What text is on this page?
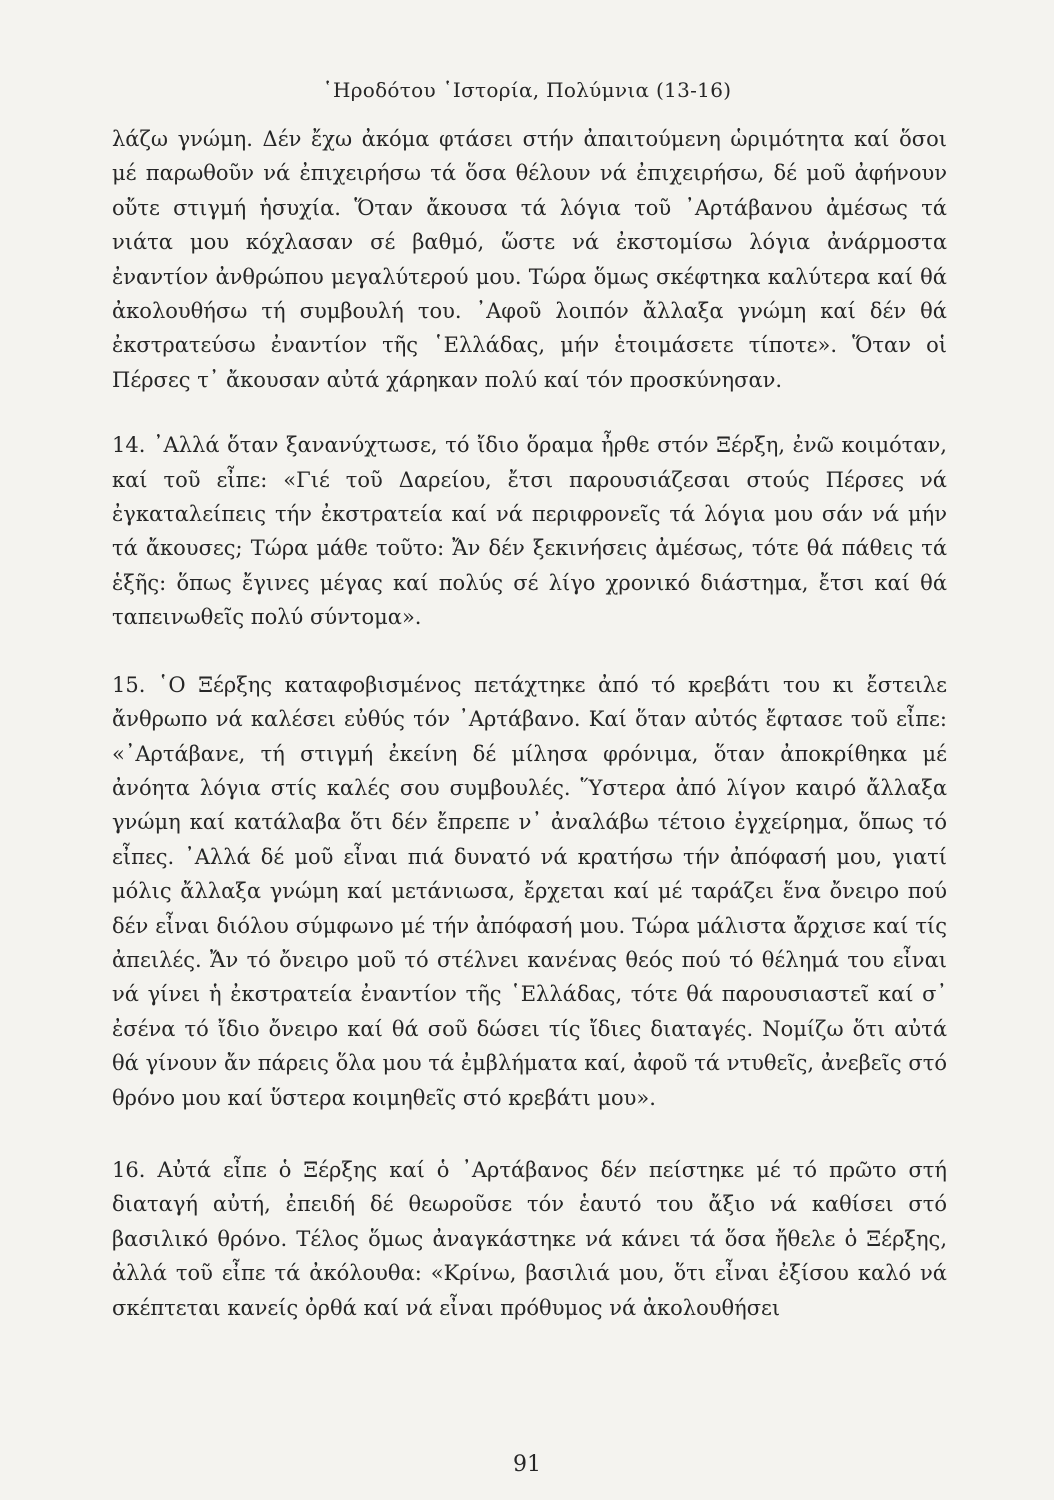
῾Ηροδότου ῾Ιστορία, Πολύμνια (13-16)

λάζω γνώμη. Δέν ἔχω ἀκόμα φτάσει στήν ἀπαιτούμενη ὡριμότητα καί ὅσοι μέ παρωθοῦν νά ἐπιχειρήσω τά ὅσα θέλουν νά ἐπιχειρήσω, δέ μοῦ ἀφήνουν οὔτε στιγμή ἡσυχία. Ὅταν ἄκουσα τά λόγια τοῦ ᾿Αρτάβανου ἀμέσως τά νιάτα μου κόχλασαν σέ βαθμό, ὥστε νά ἐκστομίσω λόγια ἀνάρμοστα ἐναντίον ἀνθρώπου μεγαλύτερού μου. Τώρα ὅμως σκέφτηκα καλύτερα καί θά ἀκολουθήσω τή συμβουλή του. ᾿Αφοῦ λοιπόν ἄλλαξα γνώμη καί δέν θά ἐκστρατεύσω ἐναντίον τῆς ῾Ελλάδας, μήν ἑτοιμάσετε τίποτε». Ὅταν οἱ Πέρσες τ᾿ ἄκουσαν αὐτά χάρηκαν πολύ καί τόν προσκύνησαν.

14. ᾿Αλλά ὅταν ξανανύχτωσε, τό ἴδιο ὅραμα ἦρθε στόν Ξέρξη, ἐνῶ κοιμόταν, καί τοῦ εἶπε: «Γιέ τοῦ Δαρείου, ἔτσι παρουσιάζεσαι στούς Πέρσες νά ἐγκαταλείπεις τήν ἐκστρατεία καί νά περιφρονεῖς τά λόγια μου σάν νά μήν τά ἄκουσες; Τώρα μάθε τοῦτο: Ἄν δέν ξεκινήσεις ἀμέσως, τότε θά πάθεις τά ἑξῆς: ὅπως ἔγινες μέγας καί πολύς σέ λίγο χρονικό διάστημα, ἔτσι καί θά ταπεινωθεῖς πολύ σύντομα».

15. ῾Ο Ξέρξης καταφοβισμένος πετάχτηκε ἀπό τό κρεβάτι του κι ἔστειλε ἄνθρωπο νά καλέσει εὐθύς τόν ᾿Αρτάβανο. Καί ὅταν αὐτός ἔφτασε τοῦ εἶπε: «᾿Αρτάβανε, τή στιγμή ἐκείνη δέ μίλησα φρόνιμα, ὅταν ἀποκρίθηκα μέ ἀνόητα λόγια στίς καλές σου συμβουλές. Ὕστερα ἀπό λίγον καιρό ἄλλαξα γνώμη καί κατάλαβα ὅτι δέν ἔπρεπε ν᾿ ἀναλάβω τέτοιο ἐγχείρημα, ὅπως τό εἶπες. ᾿Αλλά δέ μοῦ εἶναι πιά δυνατό νά κρατήσω τήν ἀπόφασή μου, γιατί μόλις ἄλλαξα γνώμη καί μετάνιωσα, ἔρχεται καί μέ ταράζει ἕνα ὄνειρο πού δέν εἶναι διόλου σύμφωνο μέ τήν ἀπόφασή μου. Τώρα μάλιστα ἄρχισε καί τίς ἀπειλές. Ἄν τό ὄνειρο μοῦ τό στέλνει κανένας θεός πού τό θέλημά του εἶναι νά γίνει ἡ ἐκστρατεία ἐναντίον τῆς ῾Ελλάδας, τότε θά παρουσιαστεῖ καί σ᾿ ἐσένα τό ἴδιο ὄνειρο καί θά σοῦ δώσει τίς ἴδιες διαταγές. Νομίζω ὅτι αὐτά θά γίνουν ἄν πάρεις ὅλα μου τά ἐμβλήματα καί, ἀφοῦ τά ντυθεῖς, ἀνεβεῖς στό θρόνο μου καί ὕστερα κοιμηθεῖς στό κρεβάτι μου».

16. Αὐτά εἶπε ὁ Ξέρξης καί ὁ ᾿Αρτάβανος δέν πείστηκε μέ τό πρῶτο στή διαταγή αὐτή, ἐπειδή δέ θεωροῦσε τόν ἑαυτό του ἄξιο νά καθίσει στό βασιλικό θρόνο. Τέλος ὅμως ἀναγκάστηκε νά κάνει τά ὅσα ἤθελε ὁ Ξέρξης, ἀλλά τοῦ εἶπε τά ἀκόλουθα: «Κρίνω, βασιλιά μου, ὅτι εἶναι ἐξίσου καλό νά σκέπτεται κανείς ὀρθά καί νά εἶναι πρόθυμος νά ἀκολουθήσει

91
